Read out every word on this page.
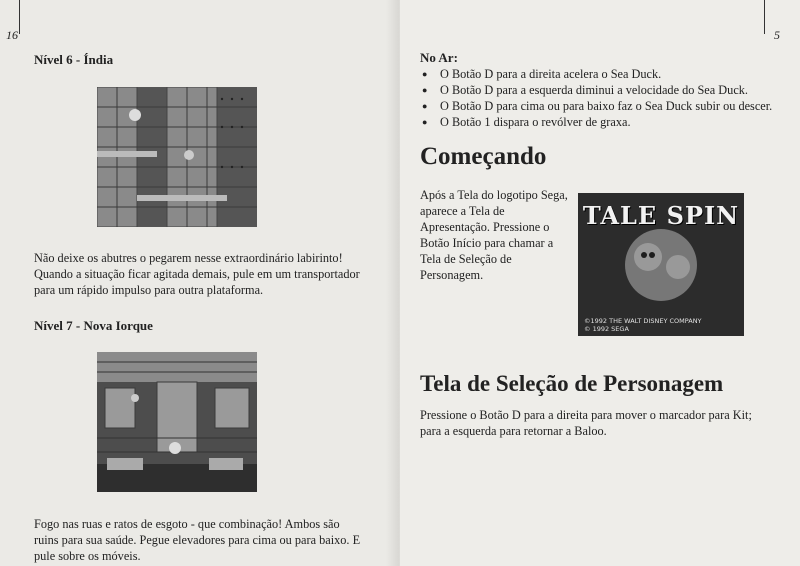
16
Nível 6 - Índia

Não deixe os abutres o pegarem nesse extraordinário labirinto! Quando a situação ficar agitada demais, pule em um transportador para um rápido impulso para outra plataforma.

Nível 7 - Nova Iorque

Fogo nas ruas e ratos de esgoto - que combinação! Ambos são ruins para sua saúde. Pegue elevadores para cima ou para baixo. E pule sobre os móveis.

5
No Ar:
● O Botão D para a direita acelera o Sea Duck.
● O Botão D para a esquerda diminui a velocidade do Sea Duck.
● O Botão D para cima ou para baixo faz o Sea Duck subir ou descer.
● O Botão 1 dispara o revólver de graxa.
Começando

Após a Tela do logotipo Sega, aparece a Tela de Apresentação. Pressione o Botão Início para chamar a Tela de Seleção de Personagem.

TALE SPIN
©1992 THE WALT DISNEY COMPANY
© 1992 SEGA
Tela de Seleção de Personagem

Pressione o Botão D para a direita para mover o marcador para Kit; para a esquerda para retornar a Baloo.
